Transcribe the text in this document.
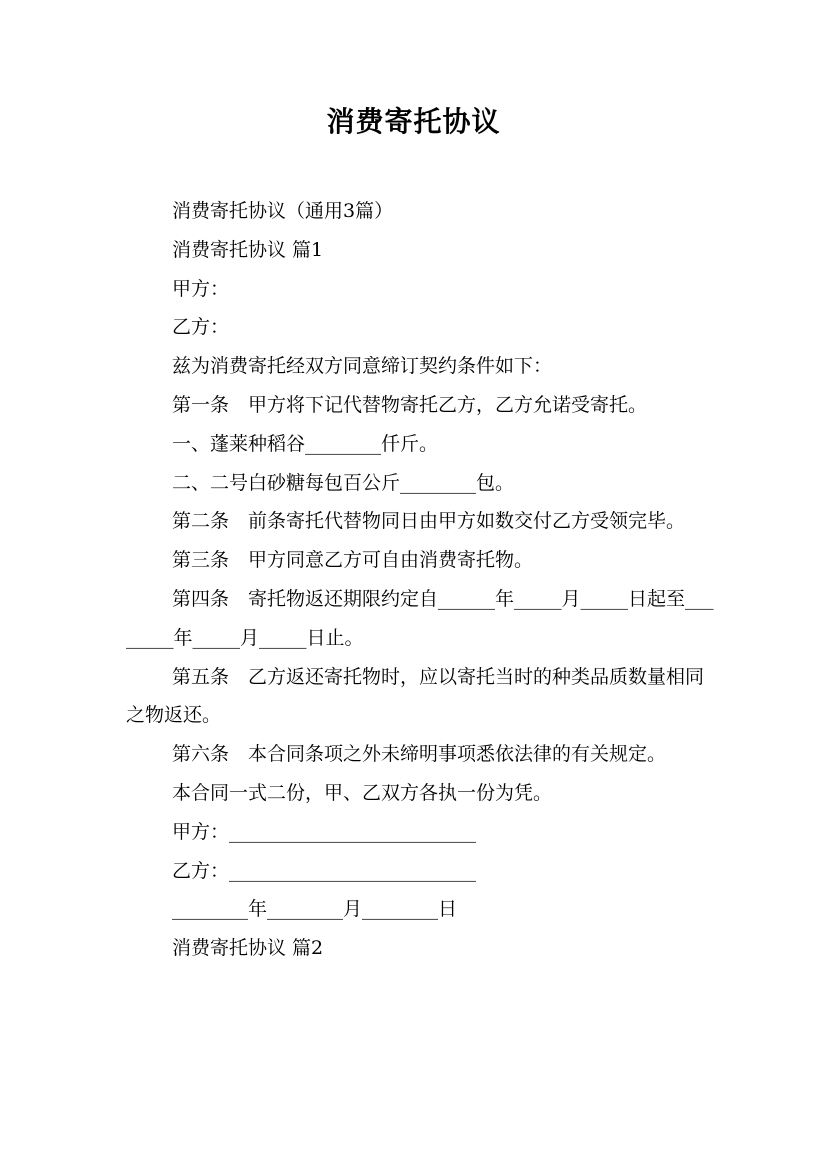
消费寄托协议

消费寄托协议（通用3篇）

消费寄托协议 篇1

甲方：

乙方：

兹为消费寄托经双方同意缔订契约条件如下：

第一条　甲方将下记代替物寄托乙方，乙方允诺受寄托。

一、蓬莱种稻谷________仟斤。

二、二号白砂糖每包百公斤________包。

第二条　前条寄托代替物同日由甲方如数交付乙方受领完毕。

第三条　甲方同意乙方可自由消费寄托物。

第四条　寄托物返还期限约定自______年_____月_____日起至________年_____月_____日止。

第五条　乙方返还寄托物时，应以寄托当时的种类品质数量相同之物返还。

第六条　本合同条项之外未缔明事项悉依法律的有关规定。

本合同一式二份，甲、乙双方各执一份为凭。

甲方：__________________________

乙方：__________________________

________年________月________日

消费寄托协议 篇2
